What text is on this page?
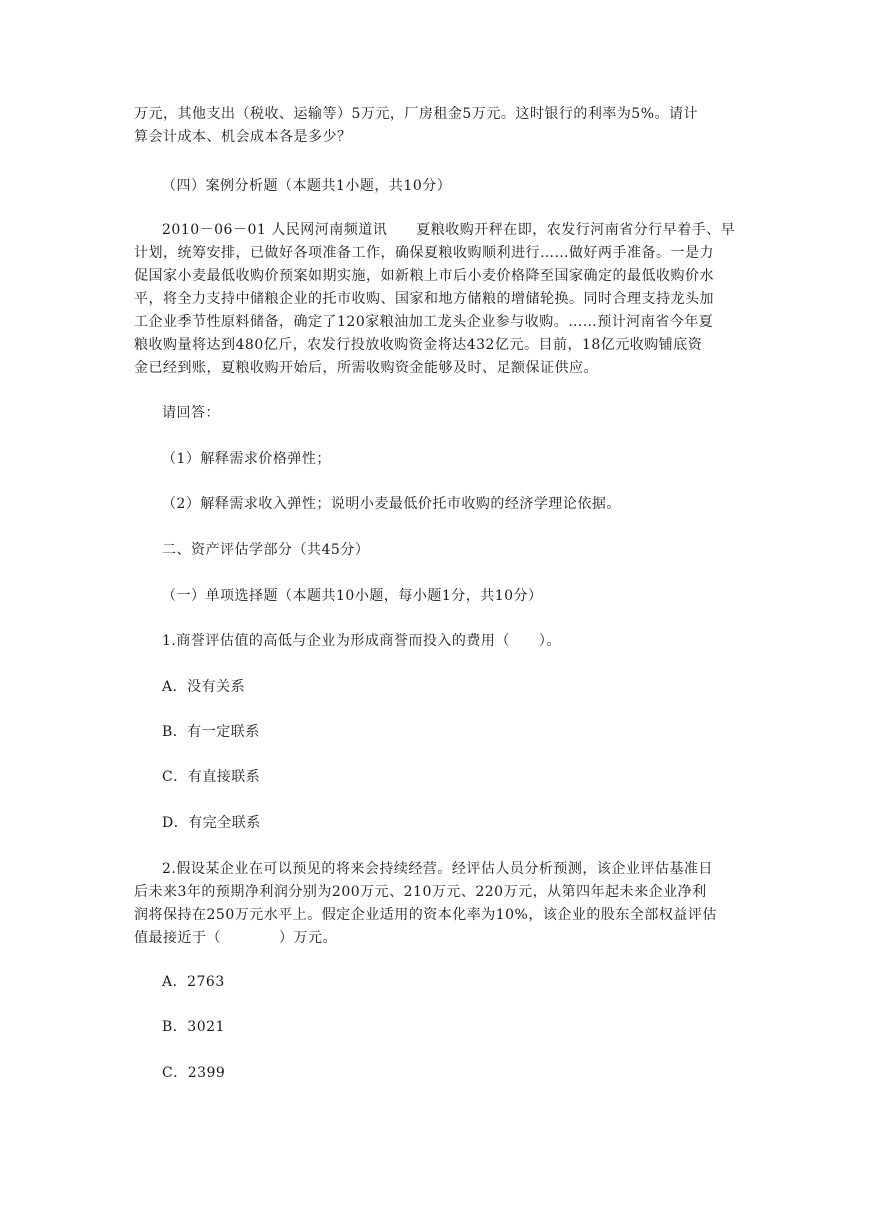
万元，其他支出（税收、运输等）5万元，厂房租金5万元。这时银行的利率为5%。请计
算会计成本、机会成本各是多少？

（四）案例分析题（本题共1小题，共10分）

2010－06－01 人民网河南频道讯　　夏粮收购开秤在即，农发行河南省分行早着手、早
计划，统筹安排，已做好各项准备工作，确保夏粮收购顺利进行……做好两手准备。一是力
促国家小麦最低收购价预案如期实施，如新粮上市后小麦价格降至国家确定的最低收购价水
平，将全力支持中储粮企业的托市收购、国家和地方储粮的增储轮换。同时合理支持龙头加
工企业季节性原料储备，确定了120家粮油加工龙头企业参与收购。……预计河南省今年夏
粮收购量将达到480亿斤，农发行投放收购资金将达432亿元。目前，18亿元收购铺底资
金已经到账，夏粮收购开始后，所需收购资金能够及时、足额保证供应。

请回答：

（1）解释需求价格弹性；

（2）解释需求收入弹性；说明小麦最低价托市收购的经济学理论依据。

二、资产评估学部分（共45分）

（一）单项选择题（本题共10小题，每小题1分，共10分）

1.商誉评估值的高低与企业为形成商誉而投入的费用（　　）。

A．没有关系

B．有一定联系

C．有直接联系

D．有完全联系

2.假设某企业在可以预见的将来会持续经营。经评估人员分析预测，该企业评估基准日
后未来3年的预期净利润分别为200万元、210万元、220万元，从第四年起未来企业净利
润将保持在250万元水平上。假定企业适用的资本化率为10%，该企业的股东全部权益评估
值最接近于（　　　　）万元。

A．2763

B．3021

C．2399
